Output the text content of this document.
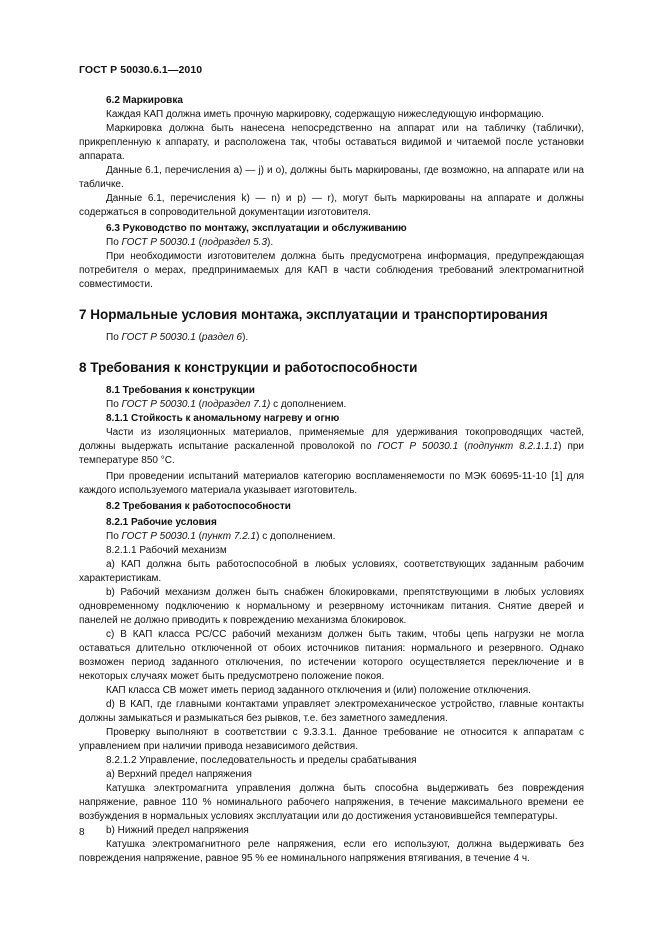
ГОСТ Р 50030.6.1—2010

6.2 Маркировка

Каждая КАП должна иметь прочную маркировку, содержащую нижеследующую информацию.

Маркировка должна быть нанесена непосредственно на аппарат или на табличку (таблички), прикрепленную к аппарату, и расположена так, чтобы оставаться видимой и читаемой после установки аппарата.

Данные 6.1, перечисления а) — j) и о), должны быть маркированы, где возможно, на аппарате или на табличке.

Данные 6.1, перечисления k) — n) и р) — r), могут быть маркированы на аппарате и должны содержаться в сопроводительной документации изготовителя.

6.3 Руководство по монтажу, эксплуатации и обслуживанию

По ГОСТ Р 50030.1 (подраздел 5.3).

При необходимости изготовителем должна быть предусмотрена информация, предупреждающая потребителя о мерах, предпринимаемых для КАП в части соблюдения требований электромагнитной совместимости.

7 Нормальные условия монтажа, эксплуатации и транспортирования

По ГОСТ Р 50030.1 (раздел 6).

8 Требования к конструкции и работоспособности

8.1 Требования к конструкции

По ГОСТ Р 50030.1 (подраздел 7.1) с дополнением.

8.1.1 Стойкость к аномальному нагреву и огню

Части из изоляционных материалов, применяемые для удерживания токопроводящих частей, должны выдержать испытание раскаленной проволокой по ГОСТ Р 50030.1 (подпункт 8.2.1.1.1) при температуре 850 °С.

При проведении испытаний материалов категорию воспламеняемости по МЭК 60695-11-10 [1] для каждого используемого материала указывает изготовитель.

8.2 Требования к работоспособности

8.2.1 Рабочие условия

По ГОСТ Р 50030.1 (пункт 7.2.1) с дополнением.

8.2.1.1 Рабочий механизм

а) КАП должна быть работоспособной в любых условиях, соответствующих заданным рабочим характеристикам.

b) Рабочий механизм должен быть снабжен блокировками, препятствующими в любых условиях одновременному подключению к нормальному и резервному источникам питания. Снятие дверей и панелей не должно приводить к повреждению механизма блокировок.

с) В КАП класса РС/СС рабочий механизм должен быть таким, чтобы цепь нагрузки не могла оставаться длительно отключенной от обоих источников питания: нормального и резервного. Однако возможен период заданного отключения, по истечении которого осуществляется переключение и в некоторых случаях может быть предусмотрено положение покоя.

КАП класса СВ может иметь период заданного отключения и (или) положение отключения.

d) В КАП, где главными контактами управляет электромеханическое устройство, главные контакты должны замыкаться и размыкаться без рывков, т.е. без заметного замедления.

Проверку выполняют в соответствии с 9.3.3.1. Данное требование не относится к аппаратам с управлением при наличии привода независимого действия.

8.2.1.2 Управление, последовательность и пределы срабатывания

а) Верхний предел напряжения

Катушка электромагнита управления должна быть способна выдерживать без повреждения напряжение, равное 110 % номинального рабочего напряжения, в течение максимального времени ее возбуждения в нормальных условиях эксплуатации или до достижения установившейся температуры.

b) Нижний предел напряжения

Катушка электромагнитного реле напряжения, если его используют, должна выдерживать без повреждения напряжение, равное 95 % ее номинального напряжения втягивания, в течение 4 ч.

8
